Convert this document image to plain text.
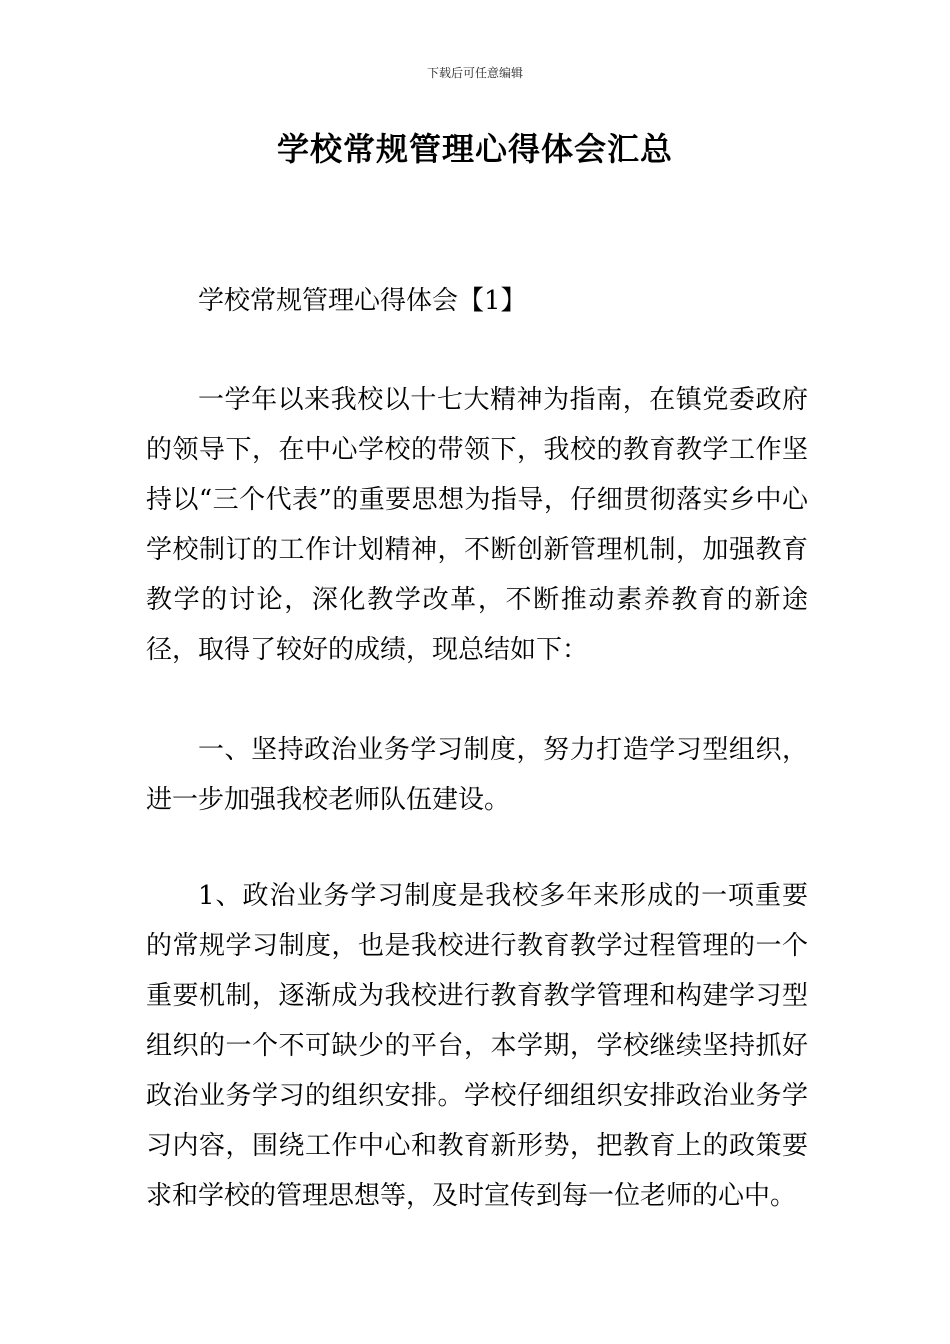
下载后可任意编辑
学校常规管理心得体会汇总

学校常规管理心得体会【1】

一学年以来我校以十七大精神为指南，在镇党委政府的领导下，在中心学校的带领下，我校的教育教学工作坚持以“三个代表”的重要思想为指导，仔细贯彻落实乡中心学校制订的工作计划精神，不断创新管理机制，加强教育教学的讨论，深化教学改革，不断推动素养教育的新途径，取得了较好的成绩，现总结如下：

一、坚持政治业务学习制度，努力打造学习型组织，进一步加强我校老师队伍建设。

1、政治业务学习制度是我校多年来形成的一项重要的常规学习制度，也是我校进行教育教学过程管理的一个重要机制，逐渐成为我校进行教育教学管理和构建学习型组织的一个不可缺少的平台，本学期，学校继续坚持抓好政治业务学习的组织安排。学校仔细组织安排政治业务学习内容，围绕工作中心和教育新形势，把教育上的政策要求和学校的管理思想等，及时宣传到每一位老师的心中。
